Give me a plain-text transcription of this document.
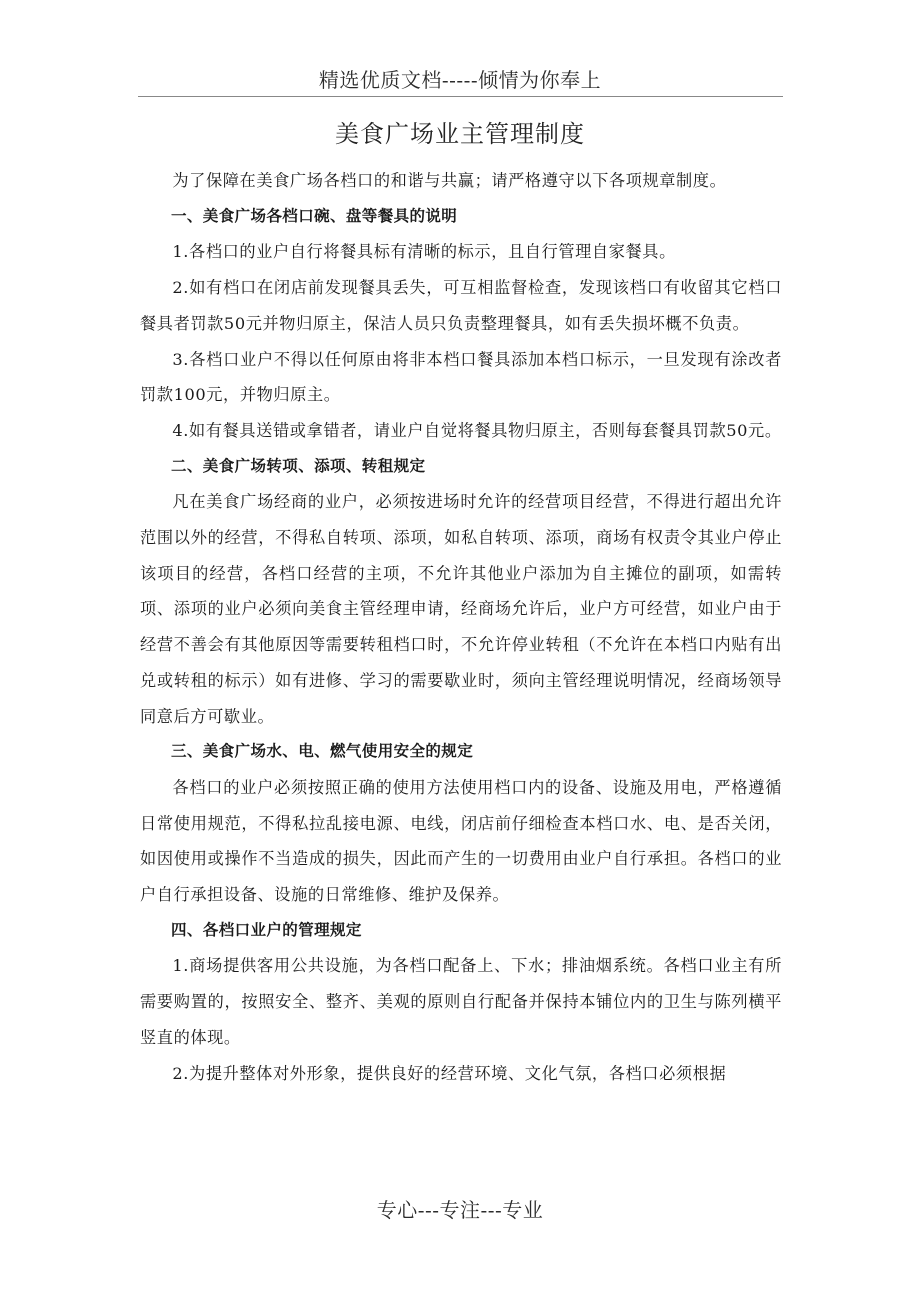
精选优质文档-----倾情为你奉上
美食广场业主管理制度

为了保障在美食广场各档口的和谐与共赢；请严格遵守以下各项规章制度。

一、美食广场各档口碗、盘等餐具的说明

1.各档口的业户自行将餐具标有清晰的标示，且自行管理自家餐具。

2.如有档口在闭店前发现餐具丢失，可互相监督检查，发现该档口有收留其它档口餐具者罚款50元并物归原主，保洁人员只负责整理餐具，如有丢失损坏概不负责。

3.各档口业户不得以任何原由将非本档口餐具添加本档口标示，一旦发现有涂改者罚款100元，并物归原主。

4.如有餐具送错或拿错者，请业户自觉将餐具物归原主，否则每套餐具罚款50元。

二、美食广场转项、添项、转租规定

凡在美食广场经商的业户，必须按进场时允许的经营项目经营，不得进行超出允许范围以外的经营，不得私自转项、添项，如私自转项、添项，商场有权责令其业户停止该项目的经营，各档口经营的主项，不允许其他业户添加为自主摊位的副项，如需转项、添项的业户必须向美食主管经理申请，经商场允许后，业户方可经营，如业户由于经营不善会有其他原因等需要转租档口时，不允许停业转租（不允许在本档口内贴有出兑或转租的标示）如有进修、学习的需要歇业时，须向主管经理说明情况，经商场领导同意后方可歇业。

三、美食广场水、电、燃气使用安全的规定

各档口的业户必须按照正确的使用方法使用档口内的设备、设施及用电，严格遵循日常使用规范，不得私拉乱接电源、电线，闭店前仔细检查本档口水、电、是否关闭，如因使用或操作不当造成的损失，因此而产生的一切费用由业户自行承担。各档口的业户自行承担设备、设施的日常维修、维护及保养。

四、各档口业户的管理规定

1.商场提供客用公共设施，为各档口配备上、下水；排油烟系统。各档口业主有所需要购置的，按照安全、整齐、美观的原则自行配备并保持本铺位内的卫生与陈列横平竖直的体现。

2.为提升整体对外形象，提供良好的经营环境、文化气氛，各档口必须根据

专心---专注---专业
